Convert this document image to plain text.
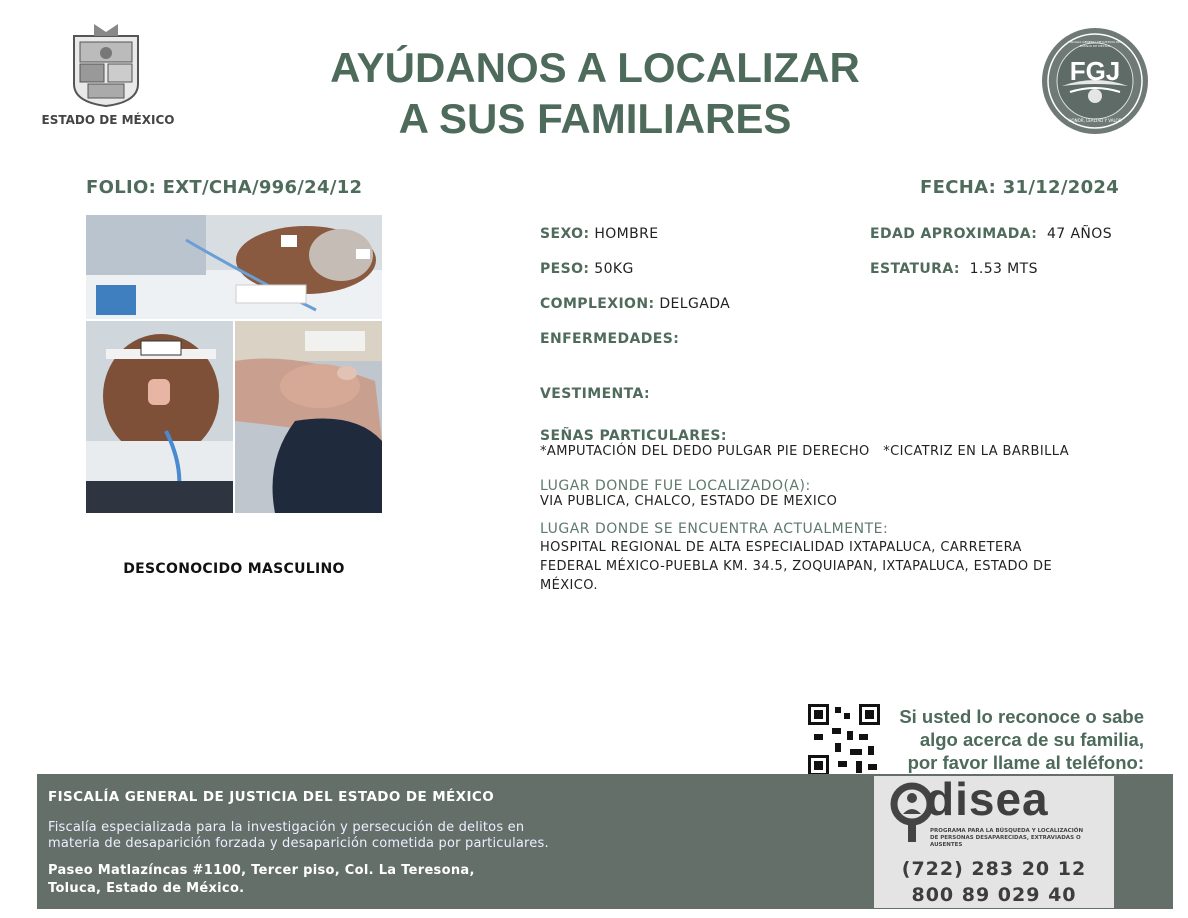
ESTADO DE MÉXICO
AYÚDANOS A LOCALIZAR
A SUS FAMILIARES
FGJ
FISCALÍA GENERAL DE JUSTICIA DEL ESTADO DE MÉXICO
HONOR, LEALTAD Y VALOR
FOLIO: EXT/CHA/996/24/12	FECHA: 31/12/2024
DESCONOCIDO MASCULINO
SEXO: HOMBRE	EDAD APROXIMADA: 47 AÑOS
PESO: 50KG	ESTATURA: 1.53 MTS
COMPLEXION: DELGADA
ENFERMEDADES:
VESTIMENTA:
SEÑAS PARTICULARES:
*AMPUTACIÓN DEL DEDO PULGAR PIE DERECHO   *CICATRIZ EN LA BARBILLA
LUGAR DONDE FUE LOCALIZADO(A):
VIA PUBLICA, CHALCO, ESTADO DE MEXICO
LUGAR DONDE SE ENCUENTRA ACTUALMENTE:
HOSPITAL REGIONAL DE ALTA ESPECIALIDAD IXTAPALUCA, CARRETERA
FEDERAL MÉXICO-PUEBLA KM. 34.5, ZOQUIAPAN, IXTAPALUCA, ESTADO DE
MÉXICO.
Si usted lo reconoce o sabe
algo acerca de su familia,
por favor llame al teléfono:
FISCALÍA GENERAL DE JUSTICIA DEL ESTADO DE MÉXICO
Fiscalía especializada para la investigación y persecución de delitos en
materia de desaparición forzada y desaparición cometida por particulares.
Paseo Matlazíncas #1100, Tercer piso, Col. La Teresona,
Toluca, Estado de México.
disea
PROGRAMA PARA LA BÚSQUEDA Y LOCALIZACIÓN
DE PERSONAS DESAPARECIDAS, EXTRAVIADAS O
AUSENTES
(722) 283 20 12
800 89 029 40
